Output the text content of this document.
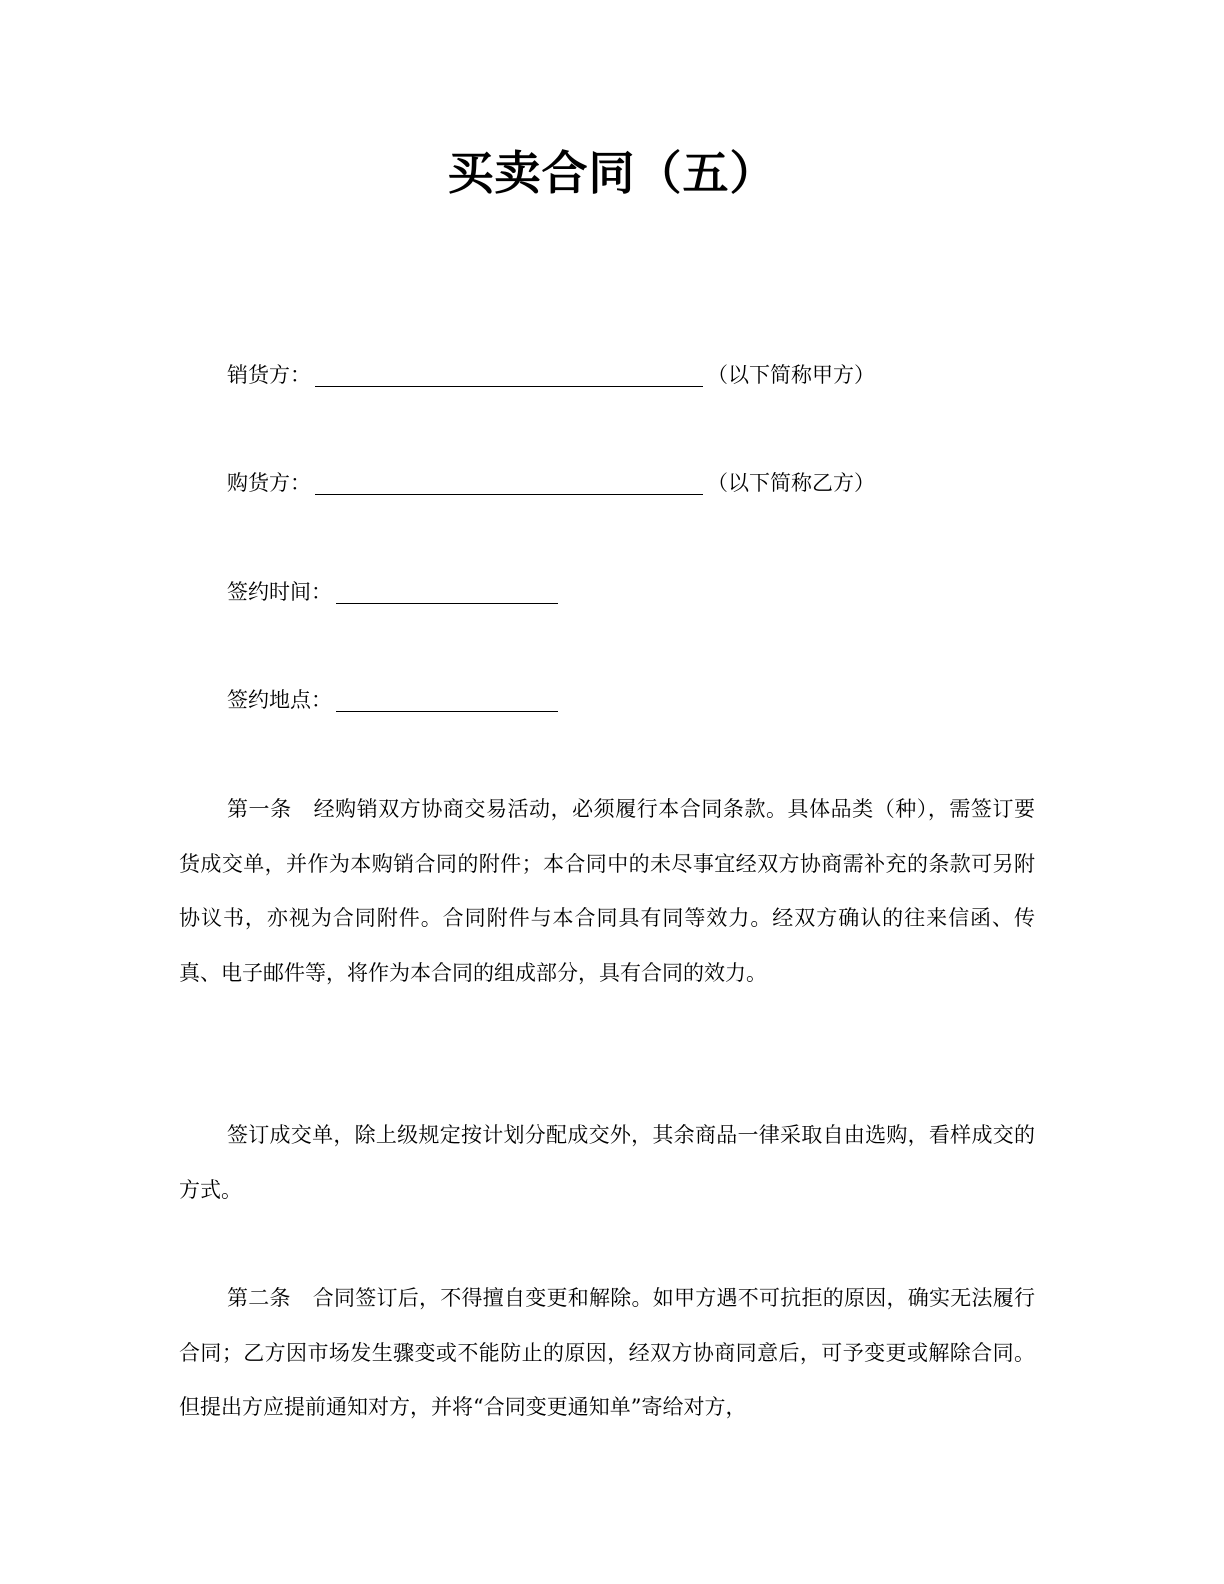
买卖合同（五）
销货方：	（以下简称甲方）
购货方：	（以下简称乙方）
签约时间：
签约地点：

第一条 经购销双方协商交易活动，必须履行本合同条款。具体品类（种），需签订要货成交单，并作为本购销合同的附件；本合同中的未尽事宜经双方协商需补充的条款可另附协议书，亦视为合同附件。合同附件与本合同具有同等效力。经双方确认的往来信函、传真、电子邮件等，将作为本合同的组成部分，具有合同的效力。

签订成交单，除上级规定按计划分配成交外，其余商品一律采取自由选购，看样成交的方式。

第二条 合同签订后，不得擅自变更和解除。如甲方遇不可抗拒的原因，确实无法履行合同；乙方因市场发生骤变或不能防止的原因，经双方协商同意后，可予变更或解除合同。但提出方应提前通知对方，并将“合同变更通知单”寄给对方，
